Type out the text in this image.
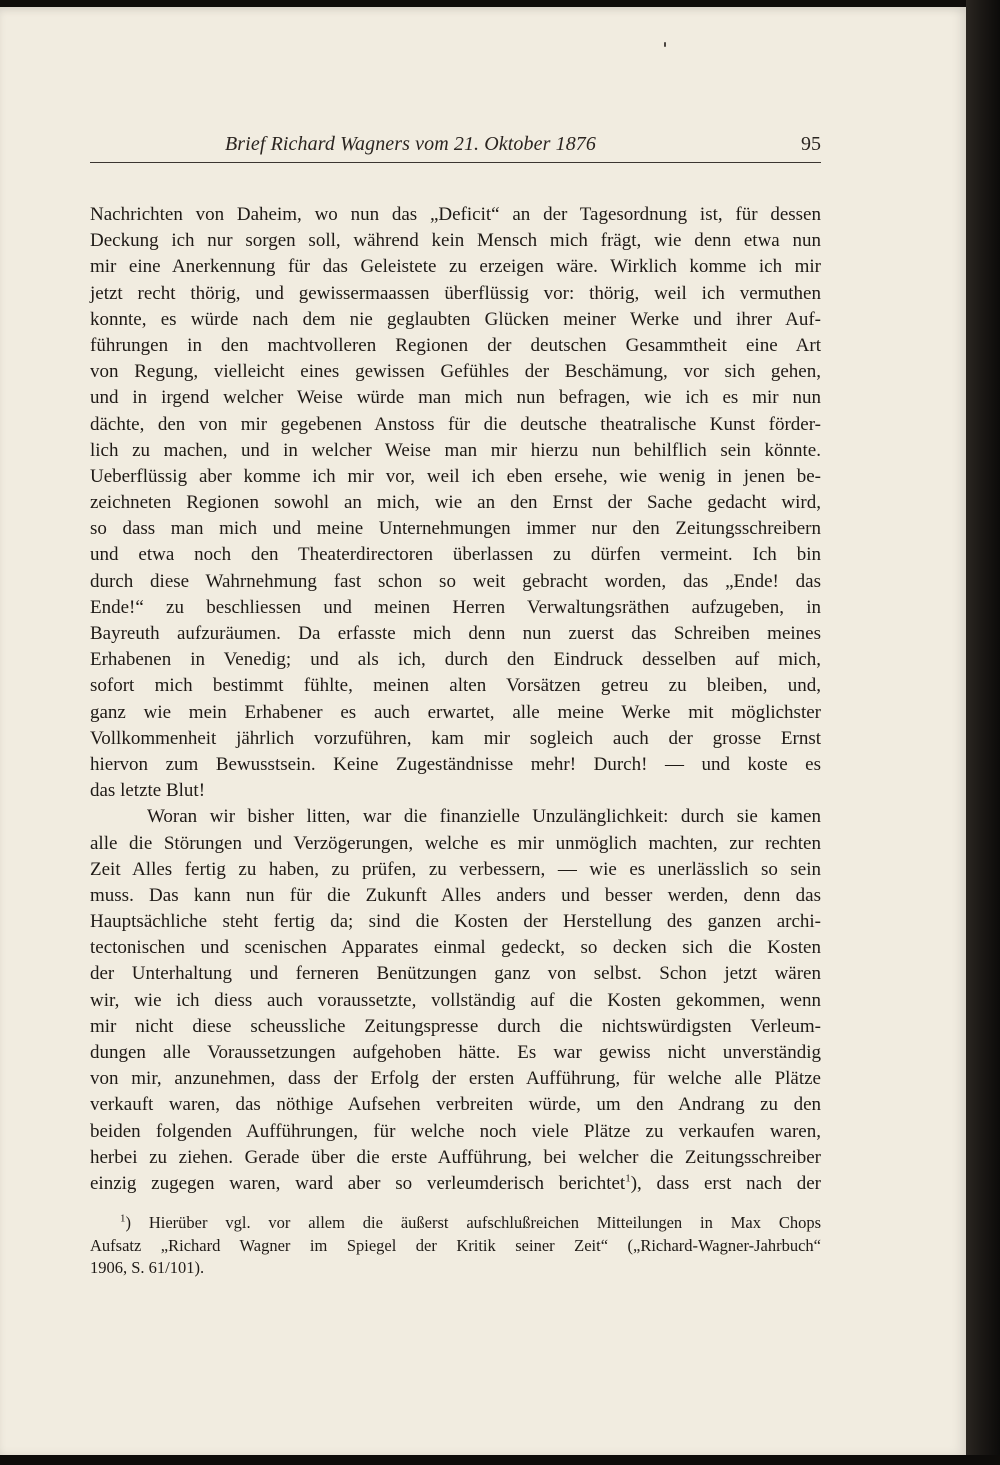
Brief Richard Wagners vom 21. Oktober 1876	95
Nachrichten von Daheim, wo nun das „Deficit“ an der Tagesordnung ist, für dessen
Deckung ich nur sorgen soll, während kein Mensch mich frägt, wie denn etwa nun
mir eine Anerkennung für das Geleistete zu erzeigen wäre. Wirklich komme ich mir
jetzt recht thörig, und gewissermaassen überflüssig vor: thörig, weil ich vermuthen
konnte, es würde nach dem nie geglaubten Glücken meiner Werke und ihrer Auf-
führungen in den machtvolleren Regionen der deutschen Gesammtheit eine Art
von Regung, vielleicht eines gewissen Gefühles der Beschämung, vor sich gehen,
und in irgend welcher Weise würde man mich nun befragen, wie ich es mir nun
dächte, den von mir gegebenen Anstoss für die deutsche theatralische Kunst förder-
lich zu machen, und in welcher Weise man mir hierzu nun behilflich sein könnte.
Ueberflüssig aber komme ich mir vor, weil ich eben ersehe, wie wenig in jenen be-
zeichneten Regionen sowohl an mich, wie an den Ernst der Sache gedacht wird,
so dass man mich und meine Unternehmungen immer nur den Zeitungsschreibern
und etwa noch den Theaterdirectoren überlassen zu dürfen vermeint. Ich bin
durch diese Wahrnehmung fast schon so weit gebracht worden, das „Ende! das
Ende!“ zu beschliessen und meinen Herren Verwaltungsräthen aufzugeben, in
Bayreuth aufzuräumen. Da erfasste mich denn nun zuerst das Schreiben meines
Erhabenen in Venedig; und als ich, durch den Eindruck desselben auf mich,
sofort mich bestimmt fühlte, meinen alten Vorsätzen getreu zu bleiben, und,
ganz wie mein Erhabener es auch erwartet, alle meine Werke mit möglichster
Vollkommenheit jährlich vorzuführen, kam mir sogleich auch der grosse Ernst
hiervon zum Bewusstsein. Keine Zugeständnisse mehr! Durch! — und koste es
das letzte Blut!
Woran wir bisher litten, war die finanzielle Unzulänglichkeit: durch sie kamen
alle die Störungen und Verzögerungen, welche es mir unmöglich machten, zur rechten
Zeit Alles fertig zu haben, zu prüfen, zu verbessern, — wie es unerlässlich so sein
muss. Das kann nun für die Zukunft Alles anders und besser werden, denn das
Hauptsächliche steht fertig da; sind die Kosten der Herstellung des ganzen archi-
tectonischen und scenischen Apparates einmal gedeckt, so decken sich die Kosten
der Unterhaltung und ferneren Benützungen ganz von selbst. Schon jetzt wären
wir, wie ich diess auch voraussetzte, vollständig auf die Kosten gekommen, wenn
mir nicht diese scheussliche Zeitungspresse durch die nichtswürdigsten Verleum-
dungen alle Voraussetzungen aufgehoben hätte. Es war gewiss nicht unverständig
von mir, anzunehmen, dass der Erfolg der ersten Aufführung, für welche alle Plätze
verkauft waren, das nöthige Aufsehen verbreiten würde, um den Andrang zu den
beiden folgenden Aufführungen, für welche noch viele Plätze zu verkaufen waren,
herbei zu ziehen. Gerade über die erste Aufführung, bei welcher die Zeitungsschreiber
einzig zugegen waren, ward aber so verleumderisch berichtet$^1$), dass erst nach der
$^1$) Hierüber vgl. vor allem die äußerst aufschlußreichen Mitteilungen in Max Chops
Aufsatz „Richard Wagner im Spiegel der Kritik seiner Zeit“ („Richard-Wagner-Jahrbuch“
1906, S. 61/101).
